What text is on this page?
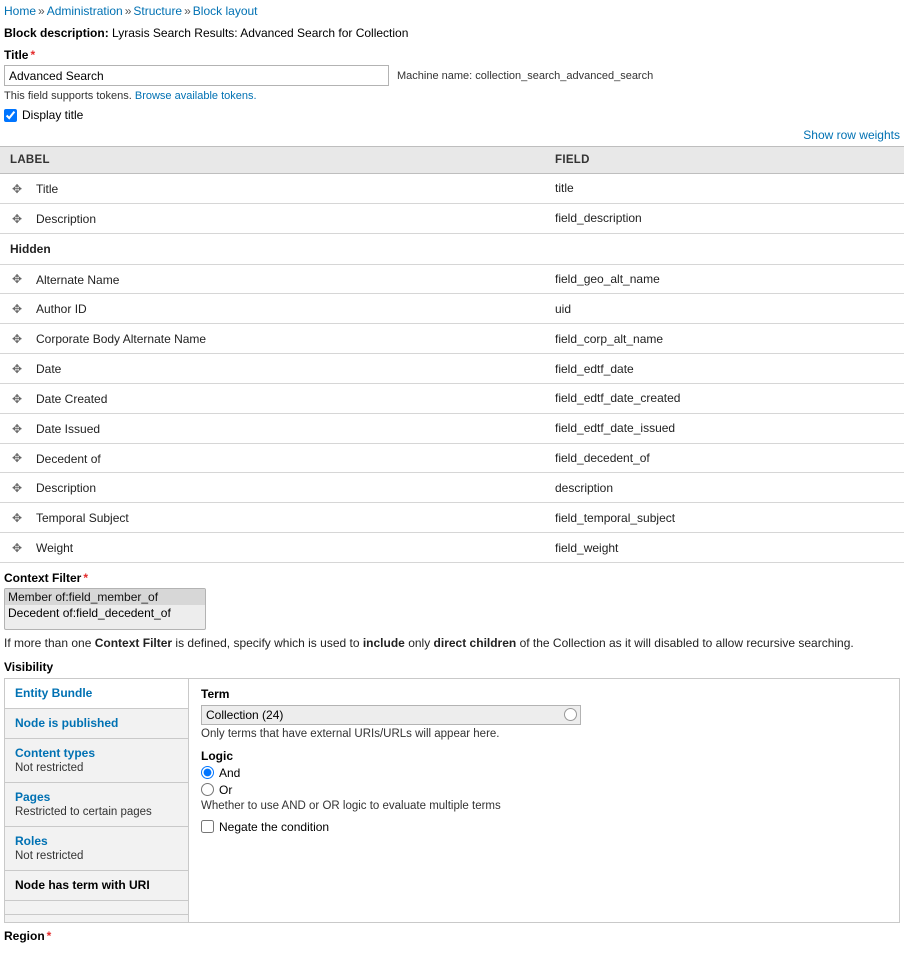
Home » Administration » Structure » Block layout
Block description: Lyrasis Search Results: Advanced Search for Collection
Title *
Advanced Search
Machine name: collection_search_advanced_search
This field supports tokens. Browse available tokens.
Display title
Show row weights
LABEL	FIELD
✥ Title	title
✥ Description	field_description
Hidden	
✥ Alternate Name	field_geo_alt_name
✥ Author ID	uid
✥ Corporate Body Alternate Name	field_corp_alt_name
✥ Date	field_edtf_date
✥ Date Created	field_edtf_date_created
✥ Date Issued	field_edtf_date_issued
✥ Decedent of	field_decedent_of
✥ Description	description
✥ Temporal Subject	field_temporal_subject
✥ Weight	field_weight
Context Filter *
Member of:field_member_of
If more than one Context Filter is defined, specify which is used to include only direct children of the Collection as it will disabled to allow recursive searching.
Visibility
Entity Bundle
Node is published
Content types
Not restricted
Pages
Restricted to certain pages
Roles
Not restricted
Node has term with URI
Term
Collection (24)
Only terms that have external URIs/URLs will appear here.
Logic
And
Or
Whether to use AND or OR logic to evaluate multiple terms
Negate the condition
Region *
